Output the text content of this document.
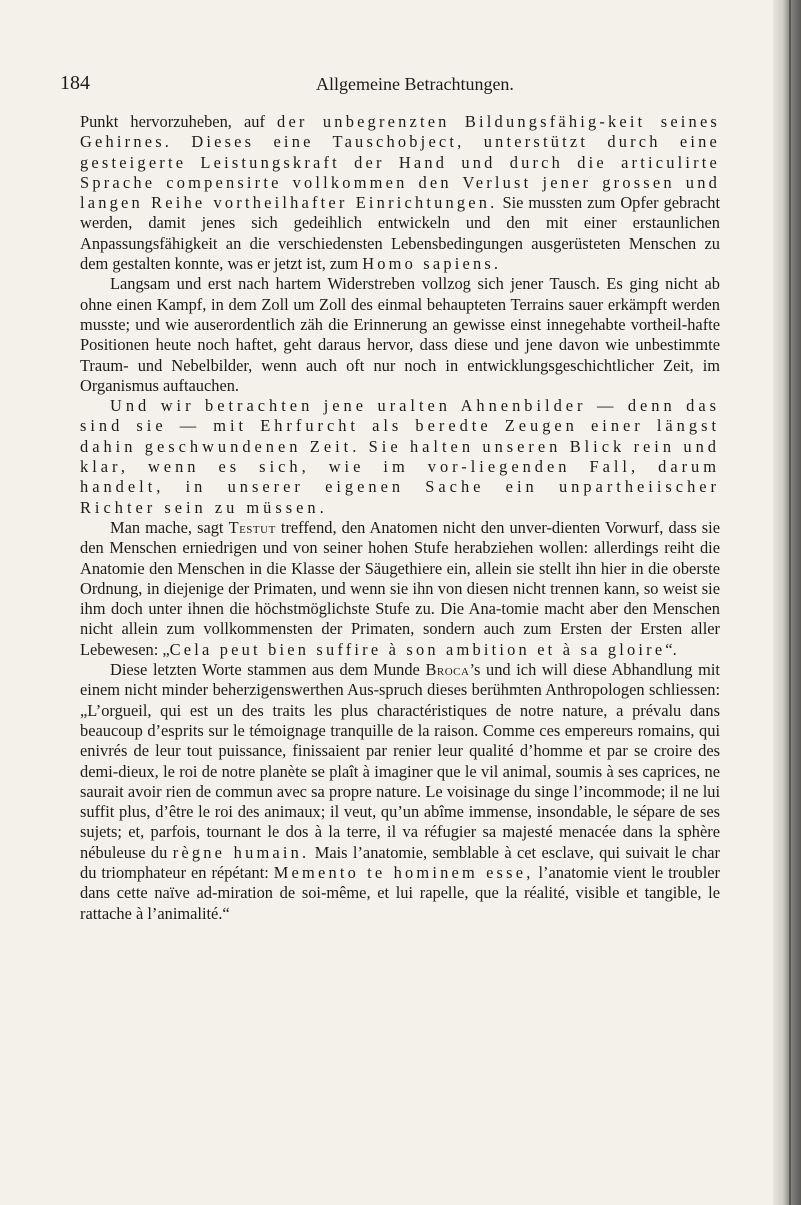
184	Allgemeine Betrachtungen.

Punkt hervorzuheben, auf der unbegrenzten Bildungsfähig-keit seines Gehirnes. Dieses eine Tauschobject, unterstützt durch eine gesteigerte Leistungskraft der Hand und durch die articulirte Sprache compensirte vollkommen den Verlust jener grossen und langen Reihe vortheilhafter Einrichtungen. Sie mussten zum Opfer gebracht werden, damit jenes sich gedeihlich entwickeln und den mit einer erstaunlichen Anpassungsfähigkeit an die verschiedensten Lebensbedingungen ausgerüsteten Menschen zu dem gestalten konnte, was er jetzt ist, zum Homo sapiens.

Langsam und erst nach hartem Widerstreben vollzog sich jener Tausch. Es ging nicht ab ohne einen Kampf, in dem Zoll um Zoll des einmal behaupteten Terrains sauer erkämpft werden musste; und wie auserordentlich zäh die Erinnerung an gewisse einst innegehabte vortheil-hafte Positionen heute noch haftet, geht daraus hervor, dass diese und jene davon wie unbestimmte Traum- und Nebelbilder, wenn auch oft nur noch in entwicklungsgeschichtlicher Zeit, im Organismus auftauchen.

Und wir betrachten jene uralten Ahnenbilder — denn das sind sie — mit Ehrfurcht als beredte Zeugen einer längst dahin geschwundenen Zeit. Sie halten unseren Blick rein und klar, wenn es sich, wie im vor-liegenden Fall, darum handelt, in unserer eigenen Sache ein unpartheiischer Richter sein zu müssen.

Man mache, sagt Testut treffend, den Anatomen nicht den unver-dienten Vorwurf, dass sie den Menschen erniedrigen und von seiner hohen Stufe herabziehen wollen: allerdings reiht die Anatomie den Menschen in die Klasse der Säugethiere ein, allein sie stellt ihn hier in die oberste Ordnung, in diejenige der Primaten, und wenn sie ihn von diesen nicht trennen kann, so weist sie ihm doch unter ihnen die höchstmöglichste Stufe zu. Die Ana-tomie macht aber den Menschen nicht allein zum vollkommensten der Primaten, sondern auch zum Ersten der Ersten aller Lebewesen: „Cela peut bien suffire à son ambition et à sa gloire“.

Diese letzten Worte stammen aus dem Munde Broca’s und ich will diese Abhandlung mit einem nicht minder beherzigenswerthen Aus-spruch dieses berühmten Anthropologen schliessen: „L’orgueil, qui est un des traits les plus charactéristiques de notre nature, a prévalu dans beaucoup d’esprits sur le témoignage tranquille de la raison. Comme ces empereurs romains, qui enivrés de leur tout puissance, finissaient par renier leur qualité d’homme et par se croire des demi-dieux, le roi de notre planète se plaît à imaginer que le vil animal, soumis à ses caprices, ne saurait avoir rien de commun avec sa propre nature. Le voisinage du singe l’incommode; il ne lui suffit plus, d’être le roi des animaux; il veut, qu’un abîme immense, insondable, le sépare de ses sujets; et, parfois, tournant le dos à la terre, il va réfugier sa majesté menacée dans la sphère nébuleuse du règne humain. Mais l’anatomie, semblable à cet esclave, qui suivait le char du triomphateur en répétant: Memento te hominem esse, l’anatomie vient le troubler dans cette naïve ad-miration de soi-même, et lui rapelle, que la réalité, visible et tangible, le rattache à l’animalité.“
